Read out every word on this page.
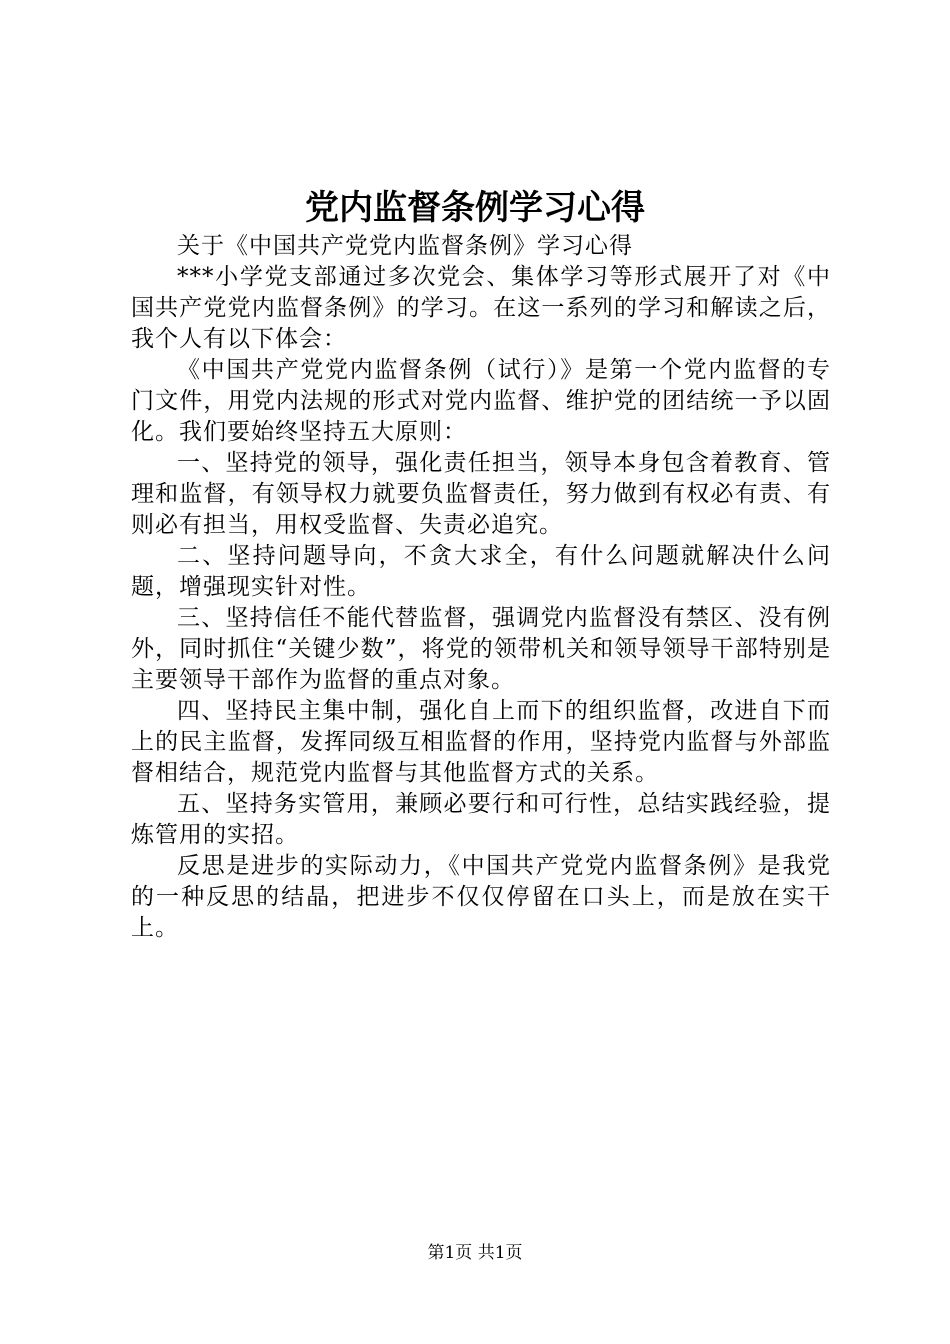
党内监督条例学习心得

关于《中国共产党党内监督条例》学习心得

***小学党支部通过多次党会、集体学习等形式展开了对《中国共产党党内监督条例》的学习。在这一系列的学习和解读之后，我个人有以下体会：

《中国共产党党内监督条例（试行）》是第一个党内监督的专门文件，用党内法规的形式对党内监督、维护党的团结统一予以固化。我们要始终坚持五大原则：

一、坚持党的领导，强化责任担当，领导本身包含着教育、管理和监督，有领导权力就要负监督责任，努力做到有权必有责、有则必有担当，用权受监督、失责必追究。

二、坚持问题导向，不贪大求全，有什么问题就解决什么问题，增强现实针对性。

三、坚持信任不能代替监督，强调党内监督没有禁区、没有例外，同时抓住“关键少数”，将党的领带机关和领导领导干部特别是主要领导干部作为监督的重点对象。

四、坚持民主集中制，强化自上而下的组织监督，改进自下而上的民主监督，发挥同级互相监督的作用，坚持党内监督与外部监督相结合，规范党内监督与其他监督方式的关系。

五、坚持务实管用，兼顾必要行和可行性，总结实践经验，提炼管用的实招。

反思是进步的实际动力，《中国共产党党内监督条例》是我党的一种反思的结晶，把进步不仅仅停留在口头上，而是放在实干上。

第1页 共1页
